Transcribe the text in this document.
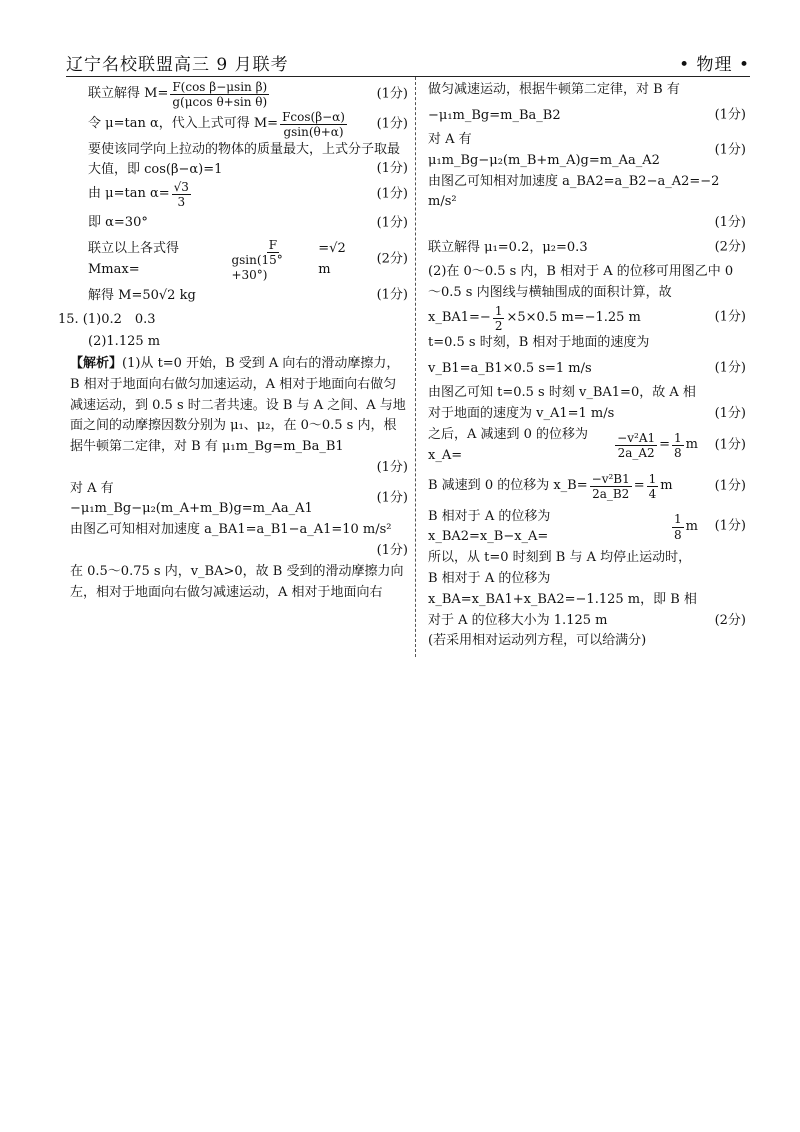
辽宁名校联盟高三 9 月联考	• 物理 •
联立解得 $M= \frac{\text{F(cos β−μsin β)}}{\text{g(μcos θ+sin θ)}}$	(1分)
令 μ=tan α，代入上式可得 $M= \frac{Fcos(\beta-\alpha)}{gsin(\theta+\alpha)} (1$分)
要使该同学向上拉动的物体的质量最大，上式分子取最大值，即 cos(β−α)=1	(1分)
由 μ=tan $\alpha= \frac{√3}{3}$	(1分)
即 α=30°	(1分)
联立以上各式得 Mmax=	$\frac{F}{gsin(15^\circ+30^\circ)} =√2$ m
(2分)
解得 M=50√2 kg	(1分)
15. (1)0.2　0.3
(2)1.125 m
【解析】(1)从 t=0 开始，B 受到 A 向右的滑动摩擦力，B 相对于地面向右做匀加速运动，A 相对于地面向右做匀减速运动，到 0.5 s 时二者共速。设 B 与 A 之间、A 与地面之间的动摩擦因数分别为 μ₁、μ₂，在 0～0.5 s 内，根据牛顿第二定律，对 B 有 μ₁m_Bg=m_Ba_B1
(1分)
对 A 有 −μ₁m_Bg−μ₂(m_A+m_B)g=m_Aa_A1
(1分)
由图乙可知相对加速度 a_BA1=a_B1−a_A1=10 m/s²
(1分)
在 0.5～0.75 s 内，v_BA>0，故 B 受到的滑动摩擦力向左，相对于地面向右做匀减速运动，A 相对于地面向右
做匀减速运动，根据牛顿第二定律，对 B 有
−μ₁m_Bg=m_Ba_B2	(1分)
对 A 有 μ₁m_Bg−μ₂(m_B+m_A)g=m_Aa_A2
(1分)
由图乙可知相对加速度 a_BA2=a_B2−a_A2=−2 m/s²
(1分)
联立解得 μ₁=0.2，μ₂=0.3	(2分)
(2)在 0～0.5 s 内，B 相对于 A 的位移可用图乙中 0～0.5 s 内图线与横轴围成的面积计算，故
x_BA1=− $\frac{1}{2} \times 5\times 0.5$ m=−1.25 m	(1分)
t=0.5 s 时刻，B 相对于地面的速度为
v_B1=a_B1×0.5 s=1 m/s	(1分)
由图乙可知 t=0.5 s 时刻 v_BA1=0，故 A 相对于地面的速度为 v_A1=1 m/s	(1分)
之后，A 减速到 0 的位移为 x_A=	$\frac{\text{−v²A1}}{2a\_A2} = \frac{1}{8}$ m (1分)
B 减速到 0 的位移为 x_B= $\frac{\text{−v²B1}}{2a\_B2} = \frac{1}{4}$ m	(1分)
B 相对于 A 的位移为 x_BA2=x_B−x_A=	$\frac{1}{8}$ m (1分)
所以，从 t=0 时刻到 B 与 A 均停止运动时，B 相对于 A 的位移为 x_BA=x_BA1+x_BA2=−1.125 m，即 B 相对于 A 的位移大小为 1.125 m	(2分)
(若采用相对运动列方程，可以给满分)
